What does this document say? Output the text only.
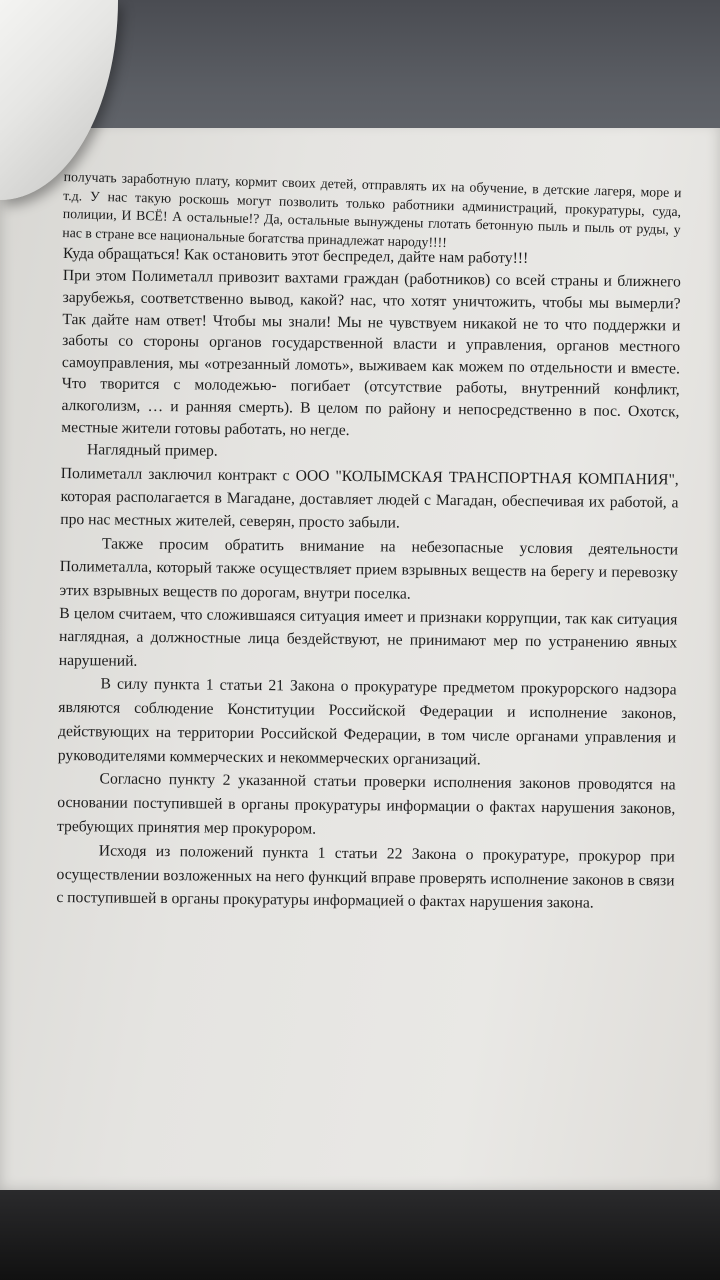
получать заработную плату, кормит своих детей, отправлять их на обучение, в детские лагеря, море и т.д. У нас такую роскошь могут позволить только работники администраций, прокуратуры, суда, полиции, И ВСЁ! А остальные!? Да, остальные вынуждены глотать бетонную пыль и пыль от руды, у нас в стране все национальные богатства принадлежат народу!!!!

Куда обращаться! Как остановить этот беспредел, дайте нам работу!!!

При этом Полиметалл привозит вахтами граждан (работников) со всей страны и ближнего зарубежья, соответственно вывод, какой? нас, что хотят уничтожить, чтобы мы вымерли? Так дайте нам ответ! Чтобы мы знали! Мы не чувствуем никакой не то что поддержки и заботы со стороны органов государственной власти и управления, органов местного самоуправления, мы «отрезанный ломоть», выживаем как можем по отдельности и вместе. Что творится с молодежью- погибает (отсутствие работы, внутренний конфликт, алкоголизм, … и ранняя смерть). В целом по району и непосредственно в пос. Охотск, местные жители готовы работать, но негде.

Наглядный пример.

Полиметалл заключил контракт с ООО "КОЛЫМСКАЯ ТРАНСПОРТНАЯ КОМПАНИЯ", которая располагается в Магадане, доставляет людей с Магадан, обеспечивая их работой, а про нас местных жителей, северян, просто забыли.

Также просим обратить внимание на небезопасные условия деятельности Полиметалла, который также осуществляет прием взрывных веществ на берегу и перевозку этих взрывных веществ по дорогам, внутри поселка.

В целом считаем, что сложившаяся ситуация имеет и признаки коррупции, так как ситуация наглядная, а должностные лица бездействуют, не принимают мер по устранению явных нарушений.

В силу пункта 1 статьи 21 Закона о прокуратуре предметом прокурорского надзора являются соблюдение Конституции Российской Федерации и исполнение законов, действующих на территории Российской Федерации, в том числе органами управления и руководителями коммерческих и некоммерческих организаций.

Согласно пункту 2 указанной статьи проверки исполнения законов проводятся на основании поступившей в органы прокуратуры информации о фактах нарушения законов, требующих принятия мер прокурором.

Исходя из положений пункта 1 статьи 22 Закона о прокуратуре, прокурор при осуществлении возложенных на него функций вправе проверять исполнение законов в связи с поступившей в органы прокуратуры информацией о фактах нарушения закона.
